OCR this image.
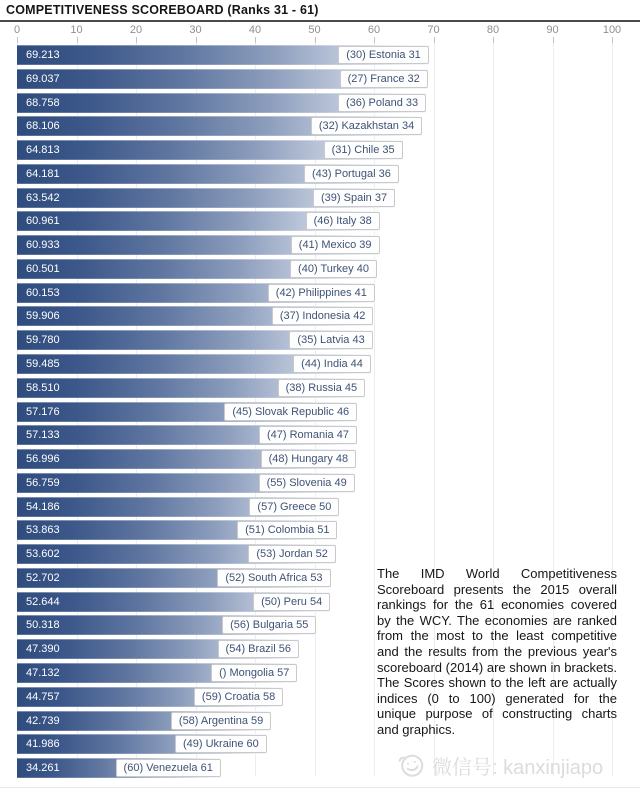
COMPETITIVENESS SCOREBOARD (Ranks 31 - 61)
0	10	20	30	40	50	60	70	80	90	100
69.213	(30) Estonia 31
69.037	(27) France 32
68.758	(36) Poland 33
68.106	(32) Kazakhstan 34
64.813	(31) Chile 35
64.181	(43) Portugal 36
63.542	(39) Spain 37
60.961	(46) Italy 38
60.933	(41) Mexico 39
60.501	(40) Turkey 40
60.153	(42) Philippines 41
59.906	(37) Indonesia 42
59.780	(35) Latvia 43
59.485	(44) India 44
58.510	(38) Russia 45
57.176	(45) Slovak Republic 46
57.133	(47) Romania 47
56.996	(48) Hungary 48
56.759	(55) Slovenia 49
54.186	(57) Greece 50
53.863	(51) Colombia 51
53.602	(53) Jordan 52
52.702	(52) South Africa 53
52.644	(50) Peru 54
50.318	(56) Bulgaria 55
47.390	(54) Brazil 56
47.132	() Mongolia 57
44.757	(59) Croatia 58
42.739	(58) Argentina 59
41.986	(49) Ukraine 60
34.261	(60) Venezuela 61
The IMD World Competitiveness Scoreboard presents the 2015 overall rankings for the 61 economies covered by the WCY. The economies are ranked from the most to the least competitive and the results from the previous year's scoreboard (2014) are shown in brackets. The Scores shown to the left are actually indices (0 to 100) generated for the unique purpose of constructing charts and graphics.
微信号: kanxinjiapo
